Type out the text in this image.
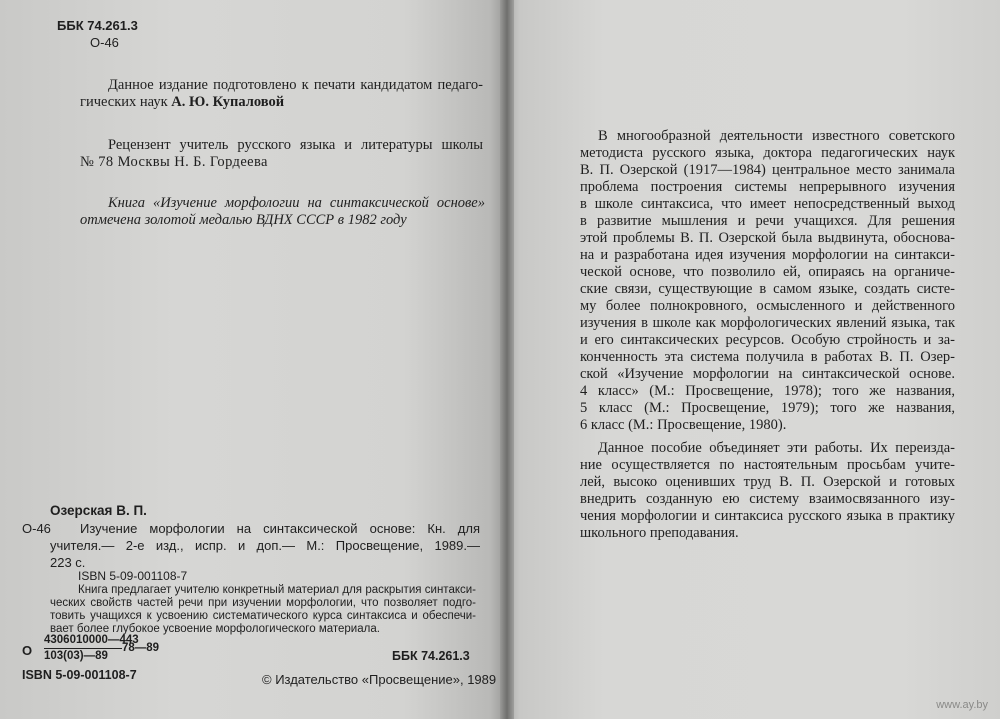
ББК 74.261.3
О-46
Данное издание подготовлено к печати кандидатом педаго-
гических наук А. Ю. Купаловой
Рецензент учитель русского языка и литературы школы
№ 78 Москвы Н. Б. Гордеева
Книга «Изучение морфологии на синтаксической основе»
отмечена золотой медалью ВДНХ СССР в 1982 году
Озерская В. П.
О-46 Изучение морфологии на синтаксической основе: Кн. для
учителя.— 2-е изд., испр. и доп.— М.: Просвещение, 1989.—
223 с.
ISBN 5-09-001108-7
Книга предлагает учителю конкретный материал для раскрытия синтакси-
ческих свойств частей речи при изучении морфологии, что позволяет подго-
товить учащихся к усвоению систематического курса синтаксиса и обеспечи-
вает более глубокое усвоение морфологического материала.
О
4306010000—443
103(03)—89
78—89
ББК 74.261.3
ISBN 5-09-001108-7	© Издательство «Просвещение», 1989
В многообразной деятельности известного советского
методиста русского языка, доктора педагогических наук
В. П. Озерской (1917—1984) центральное место занимала
проблема построения системы непрерывного изучения
в школе синтаксиса, что имеет непосредственный выход
в развитие мышления и речи учащихся. Для решения
этой проблемы В. П. Озерской была выдвинута, обоснова-
на и разработана идея изучения морфологии на синтакси-
ческой основе, что позволило ей, опираясь на органиче-
ские связи, существующие в самом языке, создать систе-
му более полнокровного, осмысленного и действенного
изучения в школе как морфологических явлений языка, так
и его синтаксических ресурсов. Особую стройность и за-
конченность эта система получила в работах В. П. Озер-
ской «Изучение морфологии на синтаксической основе.
4 класс» (М.: Просвещение, 1978); того же названия,
5 класс (М.: Просвещение, 1979); того же названия,
6 класс (М.: Просвещение, 1980).
Данное пособие объединяет эти работы. Их переизда-
ние осуществляется по настоятельным просьбам учите-
лей, высоко оценивших труд В. П. Озерской и готовых
внедрить созданную ею систему взаимосвязанного изу-
чения морфологии и синтаксиса русского языка в практику
школьного преподавания.
www.ay.by
